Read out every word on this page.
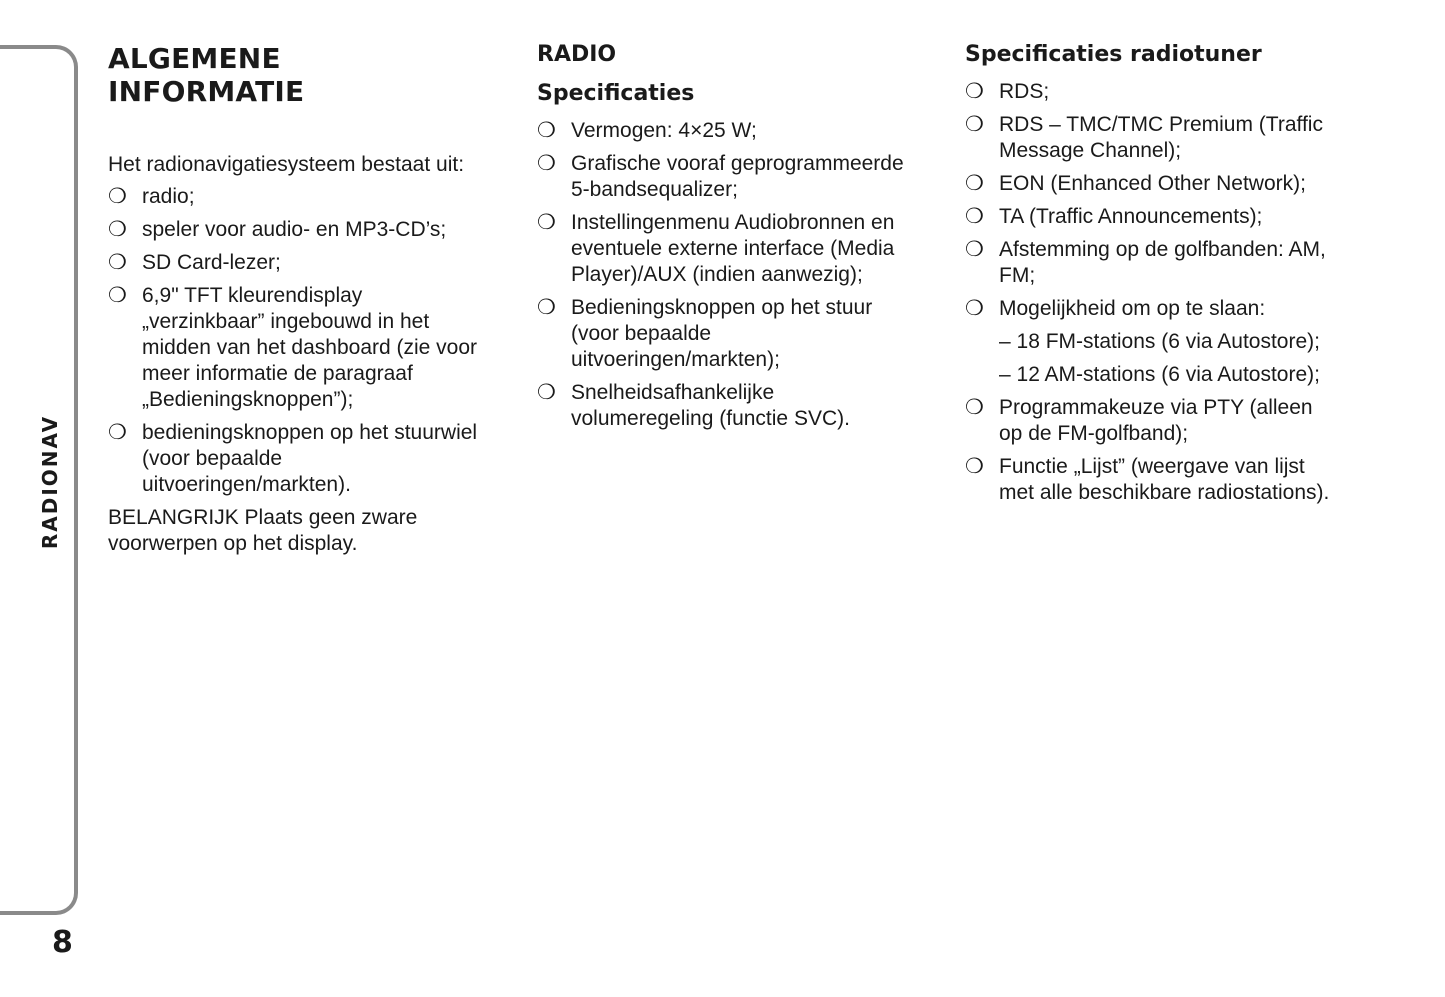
RADIONAV
8
ALGEMENE INFORMATIE

Het radionavigatiesysteem bestaat uit:

❍ radio;
❍ speler voor audio- en MP3-CD’s;
❍ SD Card-lezer;
❍ 6,9" TFT kleurendisplay „verzinkbaar” ingebouwd in het midden van het dashboard (zie voor meer informatie de paragraaf „Bedieningsknoppen”);
❍ bedieningsknoppen op het stuurwiel (voor bepaalde uitvoeringen/markten).

BELANGRIJK Plaats geen zware voorwerpen op het display.

RADIO
Specificaties
❍ Vermogen: 4×25 W;
❍ Grafische vooraf geprogrammeerde 5-bandsequalizer;
❍ Instellingenmenu Audiobronnen en eventuele externe interface (Media Player)/AUX (indien aanwezig);
❍ Bedieningsknoppen op het stuur (voor bepaalde uitvoeringen/markten);
❍ Snelheidsafhankelijke volumeregeling (functie SVC).
Specificaties radiotuner
❍ RDS;
❍ RDS – TMC/TMC Premium (Traffic Message Channel);
❍ EON (Enhanced Other Network);
❍ TA (Traffic Announcements);
❍ Afstemming op de golfbanden: AM, FM;
❍ Mogelijkheid om op te slaan:
– 18 FM-stations (6 via Autostore);
– 12 AM-stations (6 via Autostore);
❍ Programmakeuze via PTY (alleen op de FM-golfband);
❍ Functie „Lijst” (weergave van lijst met alle beschikbare radiostations).
